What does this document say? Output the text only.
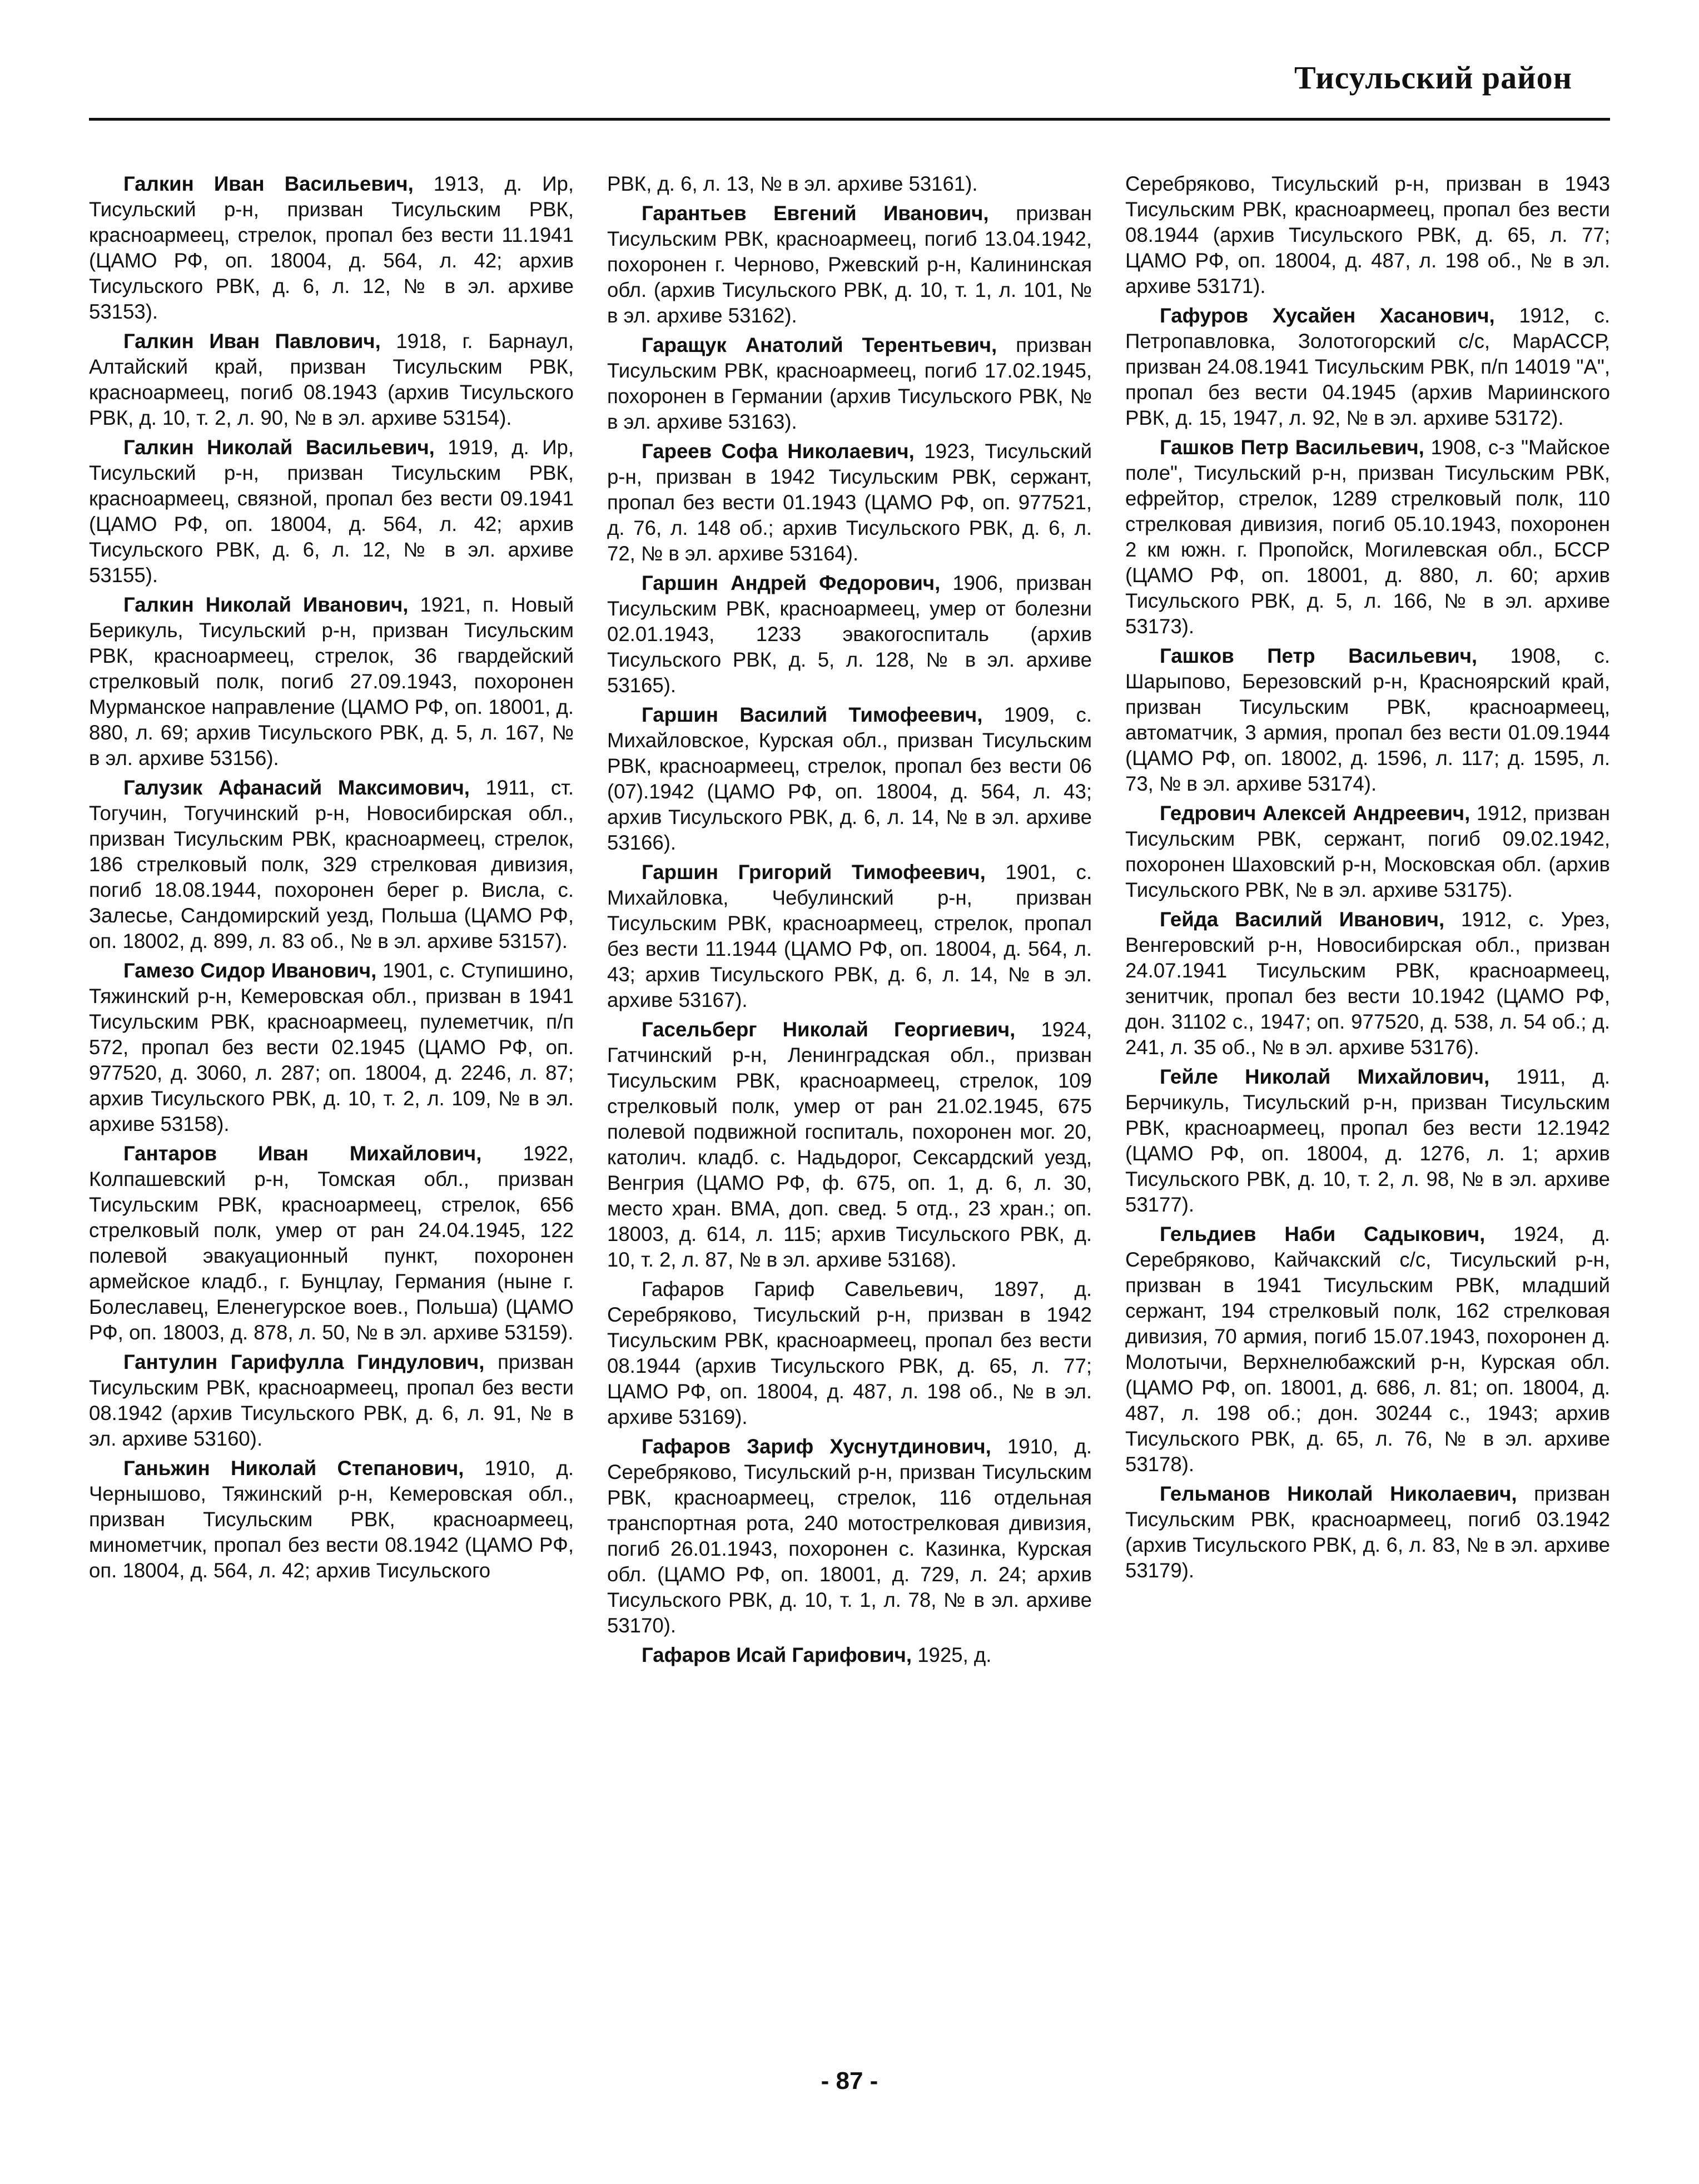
Тисульский район

Галкин Иван Васильевич, 1913, д. Ир, Тисульский р-н, призван Тисульским РВК, красноармеец, стрелок, пропал без вести 11.1941 (ЦАМО РФ, оп. 18004, д. 564, л. 42; архив Тисульского РВК, д. 6, л. 12, № в эл. архиве 53153).

Галкин Иван Павлович, 1918, г. Барнаул, Алтайский край, призван Тисульским РВК, красноармеец, погиб 08.1943 (архив Тисульского РВК, д. 10, т. 2, л. 90, № в эл. архиве 53154).

Галкин Николай Васильевич, 1919, д. Ир, Тисульский р-н, призван Тисульским РВК, красноармеец, связной, пропал без вести 09.1941 (ЦАМО РФ, оп. 18004, д. 564, л. 42; архив Тисульского РВК, д. 6, л. 12, № в эл. архиве 53155).

Галкин Николай Иванович, 1921, п. Новый Берикуль, Тисульский р-н, призван Тисульским РВК, красноармеец, стрелок, 36 гвардейский стрелковый полк, погиб 27.09.1943, похоронен Мурманское направление (ЦАМО РФ, оп. 18001, д. 880, л. 69; архив Тисульского РВК, д. 5, л. 167, № в эл. архиве 53156).

Галузик Афанасий Максимович, 1911, ст. Тогучин, Тогучинский р-н, Новосибирская обл., призван Тисульским РВК, красноармеец, стрелок, 186 стрелковый полк, 329 стрелковая дивизия, погиб 18.08.1944, похоронен берег р. Висла, с. Залесье, Сандомирский уезд, Польша (ЦАМО РФ, оп. 18002, д. 899, л. 83 об., № в эл. архиве 53157).

Гамезо Сидор Иванович, 1901, с. Ступишино, Тяжинский р-н, Кемеровская обл., призван в 1941 Тисульским РВК, красноармеец, пулеметчик, п/п 572, пропал без вести 02.1945 (ЦАМО РФ, оп. 977520, д. 3060, л. 287; оп. 18004, д. 2246, л. 87; архив Тисульского РВК, д. 10, т. 2, л. 109, № в эл. архиве 53158).

Гантаров Иван Михайлович, 1922, Колпашевский р-н, Томская обл., призван Тисульским РВК, красноармеец, стрелок, 656 стрелковый полк, умер от ран 24.04.1945, 122 полевой эвакуационный пункт, похоронен армейское кладб., г. Бунцлау, Германия (ныне г. Болеславец, Еленегурское воев., Польша) (ЦАМО РФ, оп. 18003, д. 878, л. 50, № в эл. архиве 53159).

Гантулин Гарифулла Гиндулович, призван Тисульским РВК, красноармеец, пропал без вести 08.1942 (архив Тисульского РВК, д. 6, л. 91, № в эл. архиве 53160).

Ганьжин Николай Степанович, 1910, д. Чернышово, Тяжинский р-н, Кемеровская обл., призван Тисульским РВК, красноармеец, минометчик, пропал без вести 08.1942 (ЦАМО РФ, оп. 18004, д. 564, л. 42; архив Тисульского

РВК, д. 6, л. 13, № в эл. архиве 53161).

Гарантьев Евгений Иванович, призван Тисульским РВК, красноармеец, погиб 13.04.1942, похоронен г. Черново, Ржевский р-н, Калининская обл. (архив Тисульского РВК, д. 10, т. 1, л. 101, № в эл. архиве 53162).

Гаращук Анатолий Терентьевич, призван Тисульским РВК, красноармеец, погиб 17.02.1945, похоронен в Германии (архив Тисульского РВК, № в эл. архиве 53163).

Гареев Софа Николаевич, 1923, Тисульский р-н, призван в 1942 Тисульским РВК, сержант, пропал без вести 01.1943 (ЦАМО РФ, оп. 977521, д. 76, л. 148 об.; архив Тисульского РВК, д. 6, л. 72, № в эл. архиве 53164).

Гаршин Андрей Федорович, 1906, призван Тисульским РВК, красноармеец, умер от болезни 02.01.1943, 1233 эвакогоспиталь (архив Тисульского РВК, д. 5, л. 128, № в эл. архиве 53165).

Гаршин Василий Тимофеевич, 1909, с. Михайловское, Курская обл., призван Тисульским РВК, красноармеец, стрелок, пропал без вести 06 (07).1942 (ЦАМО РФ, оп. 18004, д. 564, л. 43; архив Тисульского РВК, д. 6, л. 14, № в эл. архиве 53166).

Гаршин Григорий Тимофеевич, 1901, с. Михайловка, Чебулинский р-н, призван Тисульским РВК, красноармеец, стрелок, пропал без вести 11.1944 (ЦАМО РФ, оп. 18004, д. 564, л. 43; архив Тисульского РВК, д. 6, л. 14, № в эл. архиве 53167).

Гасельберг Николай Георгиевич, 1924, Гатчинский р-н, Ленинградская обл., призван Тисульским РВК, красноармеец, стрелок, 109 стрелковый полк, умер от ран 21.02.1945, 675 полевой подвижной госпиталь, похоронен мог. 20, католич. кладб. с. Надьдорог, Сексардский уезд, Венгрия (ЦАМО РФ, ф. 675, оп. 1, д. 6, л. 30, место хран. ВМА, доп. свед. 5 отд., 23 хран.; оп. 18003, д. 614, л. 115; архив Тисульского РВК, д. 10, т. 2, л. 87, № в эл. архиве 53168).

Гафаров Гариф Савельевич, 1897, д. Серебряково, Тисульский р-н, призван в 1942 Тисульским РВК, красноармеец, пропал без вести 08.1944 (архив Тисульского РВК, д. 65, л. 77; ЦАМО РФ, оп. 18004, д. 487, л. 198 об., № в эл. архиве 53169).

Гафаров Зариф Хуснутдинович, 1910, д. Серебряково, Тисульский р-н, призван Тисульским РВК, красноармеец, стрелок, 116 отдельная транспортная рота, 240 мотострелковая дивизия, погиб 26.01.1943, похоронен с. Казинка, Курская обл. (ЦАМО РФ, оп. 18001, д. 729, л. 24; архив Тисульского РВК, д. 10, т. 1, л. 78, № в эл. архиве 53170).

Гафаров Исай Гарифович, 1925, д.

Серебряково, Тисульский р-н, призван в 1943 Тисульским РВК, красноармеец, пропал без вести 08.1944 (архив Тисульского РВК, д. 65, л. 77; ЦАМО РФ, оп. 18004, д. 487, л. 198 об., № в эл. архиве 53171).

Гафуров Хусайен Хасанович, 1912, с. Петропавловка, Золотогорский с/с, МарАССР, призван 24.08.1941 Тисульским РВК, п/п 14019 "А", пропал без вести 04.1945 (архив Мариинского РВК, д. 15, 1947, л. 92, № в эл. архиве 53172).

Гашков Петр Васильевич, 1908, с-з "Майское поле", Тисульский р-н, призван Тисульским РВК, ефрейтор, стрелок, 1289 стрелковый полк, 110 стрелковая дивизия, погиб 05.10.1943, похоронен 2 км южн. г. Пропойск, Могилевская обл., БССР (ЦАМО РФ, оп. 18001, д. 880, л. 60; архив Тисульского РВК, д. 5, л. 166, № в эл. архиве 53173).

Гашков Петр Васильевич, 1908, с. Шарыпово, Березовский р-н, Красноярский край, призван Тисульским РВК, красноармеец, автоматчик, 3 армия, пропал без вести 01.09.1944 (ЦАМО РФ, оп. 18002, д. 1596, л. 117; д. 1595, л. 73, № в эл. архиве 53174).

Гедрович Алексей Андреевич, 1912, призван Тисульским РВК, сержант, погиб 09.02.1942, похоронен Шаховский р-н, Московская обл. (архив Тисульского РВК, № в эл. архиве 53175).

Гейда Василий Иванович, 1912, с. Урез, Венгеровский р-н, Новосибирская обл., призван 24.07.1941 Тисульским РВК, красноармеец, зенитчик, пропал без вести 10.1942 (ЦАМО РФ, дон. 31102 с., 1947; оп. 977520, д. 538, л. 54 об.; д. 241, л. 35 об., № в эл. архиве 53176).

Гейле Николай Михайлович, 1911, д. Берчикуль, Тисульский р-н, призван Тисульским РВК, красноармеец, пропал без вести 12.1942 (ЦАМО РФ, оп. 18004, д. 1276, л. 1; архив Тисульского РВК, д. 10, т. 2, л. 98, № в эл. архиве 53177).

Гельдиев Наби Садыкович, 1924, д. Серебряково, Кайчакский с/с, Тисульский р-н, призван в 1941 Тисульским РВК, младший сержант, 194 стрелковый полк, 162 стрелковая дивизия, 70 армия, погиб 15.07.1943, похоронен д. Молотычи, Верхнелюбажский р-н, Курская обл. (ЦАМО РФ, оп. 18001, д. 686, л. 81; оп. 18004, д. 487, л. 198 об.; дон. 30244 с., 1943; архив Тисульского РВК, д. 65, л. 76, № в эл. архиве 53178).

Гельманов Николай Николаевич, призван Тисульским РВК, красноармеец, погиб 03.1942 (архив Тисульского РВК, д. 6, л. 83, № в эл. архиве 53179).

- 87 -
